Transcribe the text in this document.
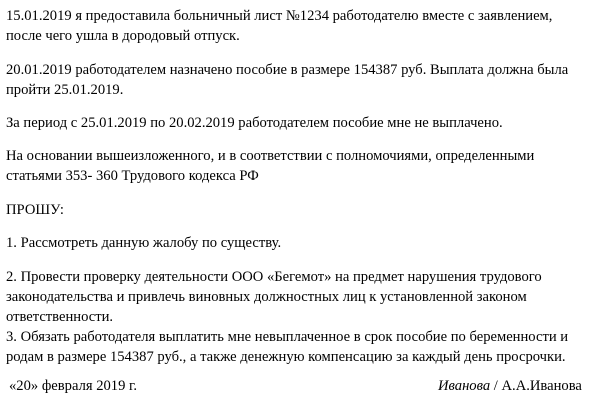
15.01.2019 я предоставила больничный лист №1234 работодателю вместе с заявлением,
после чего ушла в дородовый отпуск.
20.01.2019 работодателем назначено пособие в размере 154387 руб. Выплата должна была
пройти 25.01.2019.
За период с 25.01.2019 по 20.02.2019 работодателем пособие мне не выплачено.
На основании вышеизложенного, и в соответствии с полномочиями, определенными
статьями 353- 360 Трудового кодекса РФ
ПРОШУ:
1. Рассмотреть данную жалобу по существу.
2. Провести проверку деятельности ООО «Бегемот» на предмет нарушения трудового
законодательства и привлечь виновных должностных лиц к установленной законом
ответственности.
3. Обязать работодателя выплатить мне невыплаченное в срок пособие по беременности и
родам в размере 154387 руб., а также денежную компенсацию за каждый день просрочки.
«20» февраля 2019 г.	Иванова / А.А.Иванова
